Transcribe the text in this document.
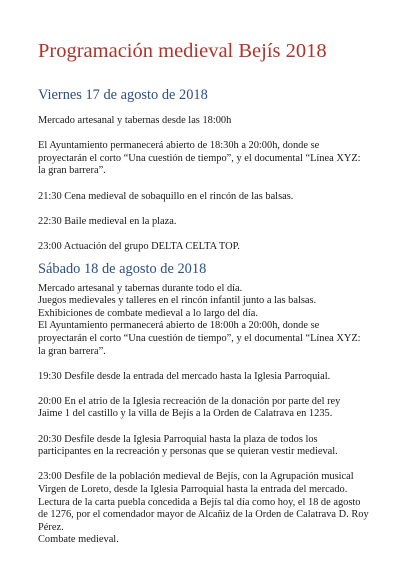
Programación medieval Bejís 2018
Viernes 17 de agosto de 2018

Mercado artesanal y tabernas desde las 18:00h

El Ayuntamiento permanecerá abierto de 18:30h a 20:00h, donde se
proyectarán el corto “Una cuestión de tiempo”, y el documental “Línea XYZ:
la gran barrera”.

21:30 Cena medieval de sobaquillo en el rincón de las balsas.

22:30 Baile medieval en la plaza.

23:00 Actuación del grupo DELTA CELTA TOP.

Sábado 18 de agosto de 2018

Mercado artesanal y tabernas durante todo el día.
Juegos medievales y talleres en el rincón infantil junto a las balsas.
Exhibiciones de combate medieval a lo largo del día.
El Ayuntamiento permanecerá abierto de 18:00h a 20:00h, donde se
proyectarán el corto “Una cuestión de tiempo”, y el documental “Línea XYZ:
la gran barrera”.

19:30 Desfile desde la entrada del mercado hasta la Iglesia Parroquial.

20:00 En el atrio de la Iglesia recreación de la donación por parte del rey
Jaime 1 del castillo y la villa de Bejís a la Orden de Calatrava en 1235.

20:30 Desfile desde la Iglesia Parroquial hasta la plaza de todos los
participantes en la recreación y personas que se quieran vestir medieval.

23:00 Desfile de la población medieval de Bejís, con la Agrupación musical
Virgen de Loreto, desde la Iglesia Parroquial hasta la entrada del mercado.
Lectura de la carta puebla concedida a Bejís tal día como hoy, el 18 de agosto
de 1276, por el comendador mayor de Alcañiz de la Orden de Calatrava D. Roy
Pérez.
Combate medieval.
